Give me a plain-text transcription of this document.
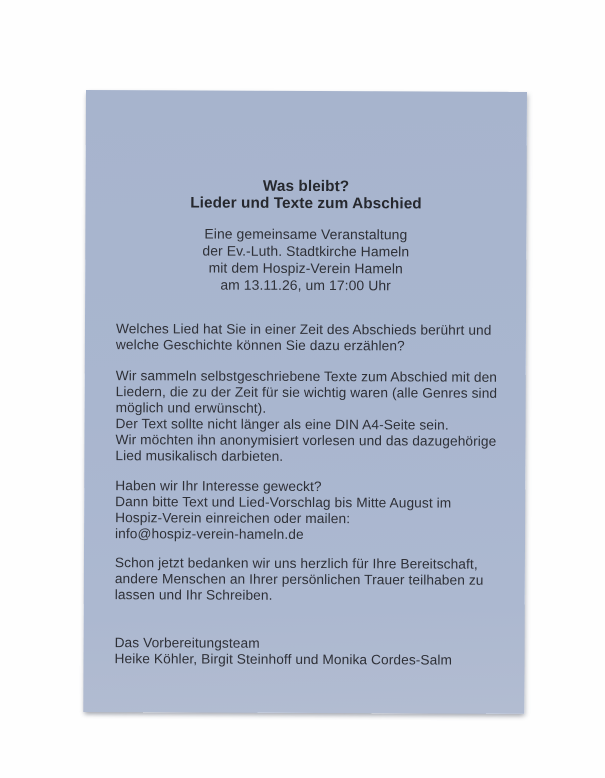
Was bleibt?
Lieder und Texte zum Abschied
Eine gemeinsame Veranstaltung
der Ev.-Luth. Stadtkirche Hameln
mit dem Hospiz-Verein Hameln
am 13.11.26, um 17:00 Uhr
Welches Lied hat Sie in einer Zeit des Abschieds berührt und
welche Geschichte können Sie dazu erzählen?
Wir sammeln selbstgeschriebene Texte zum Abschied mit den
Liedern, die zu der Zeit für sie wichtig waren (alle Genres sind
möglich und erwünscht).
Der Text sollte nicht länger als eine DIN A4-Seite sein.
Wir möchten ihn anonymisiert vorlesen und das dazugehörige
Lied musikalisch darbieten.
Haben wir Ihr Interesse geweckt?
Dann bitte Text und Lied-Vorschlag bis Mitte August im
Hospiz-Verein einreichen oder mailen:
info@hospiz-verein-hameln.de
Schon jetzt bedanken wir uns herzlich für Ihre Bereitschaft,
andere Menschen an Ihrer persönlichen Trauer teilhaben zu
lassen und Ihr Schreiben.
Das Vorbereitungsteam
Heike Köhler, Birgit Steinhoff und Monika Cordes-Salm
